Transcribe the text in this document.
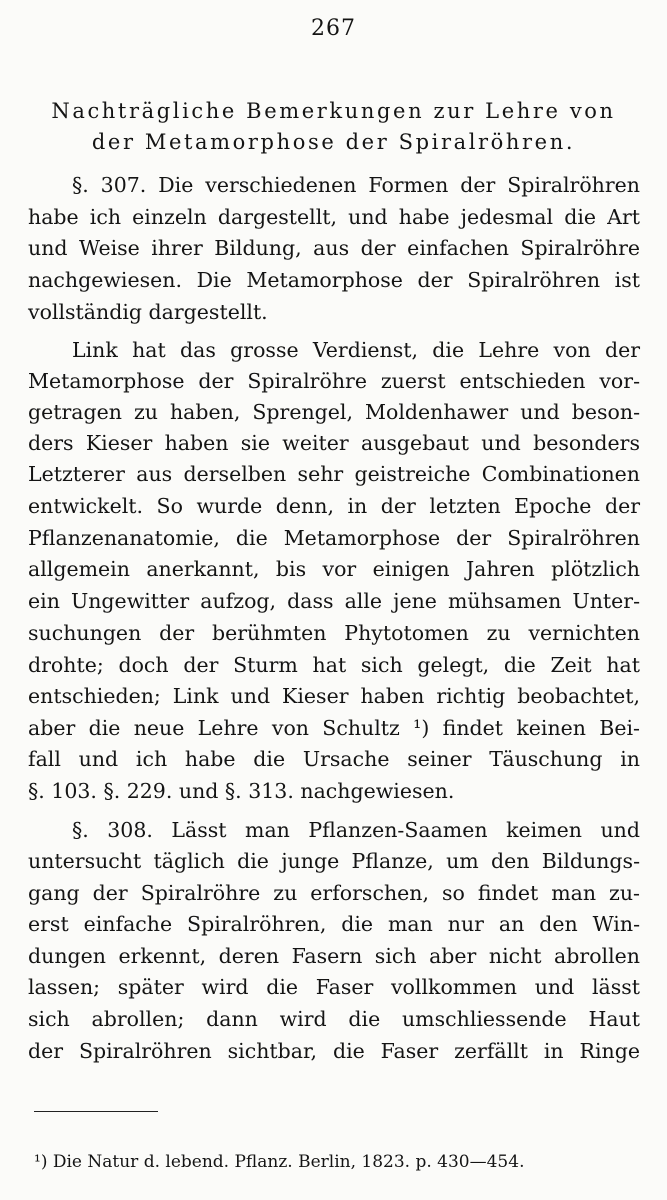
267
Nachträgliche Bemerkungen zur Lehre von
der Metamorphose der Spiralröhren.
§. 307. Die verschiedenen Formen der Spiralröhren
habe ich einzeln dargestellt, und habe jedesmal die Art
und Weise ihrer Bildung, aus der einfachen Spiralröhre
nachgewiesen. Die Metamorphose der Spiralröhren ist
vollständig dargestellt.
Link hat das grosse Verdienst, die Lehre von der
Metamorphose der Spiralröhre zuerst entschieden vor-
getragen zu haben, Sprengel, Moldenhawer und beson-
ders Kieser haben sie weiter ausgebaut und besonders
Letzterer aus derselben sehr geistreiche Combinationen
entwickelt. So wurde denn, in der letzten Epoche der
Pflanzenanatomie, die Metamorphose der Spiralröhren
allgemein anerkannt, bis vor einigen Jahren plötzlich
ein Ungewitter aufzog, dass alle jene mühsamen Unter-
suchungen der berühmten Phytotomen zu vernichten
drohte; doch der Sturm hat sich gelegt, die Zeit hat
entschieden; Link und Kieser haben richtig beobachtet,
aber die neue Lehre von Schultz ¹) findet keinen Bei-
fall und ich habe die Ursache seiner Täuschung in
§. 103. §. 229. und §. 313. nachgewiesen.
§. 308. Lässt man Pflanzen-Saamen keimen und
untersucht täglich die junge Pflanze, um den Bildungs-
gang der Spiralröhre zu erforschen, so findet man zu-
erst einfache Spiralröhren, die man nur an den Win-
dungen erkennt, deren Fasern sich aber nicht abrollen
lassen; später wird die Faser vollkommen und lässt
sich abrollen; dann wird die umschliessende Haut
der Spiralröhren sichtbar, die Faser zerfällt in Ringe
¹) Die Natur d. lebend. Pflanz. Berlin, 1823. p. 430—454.
